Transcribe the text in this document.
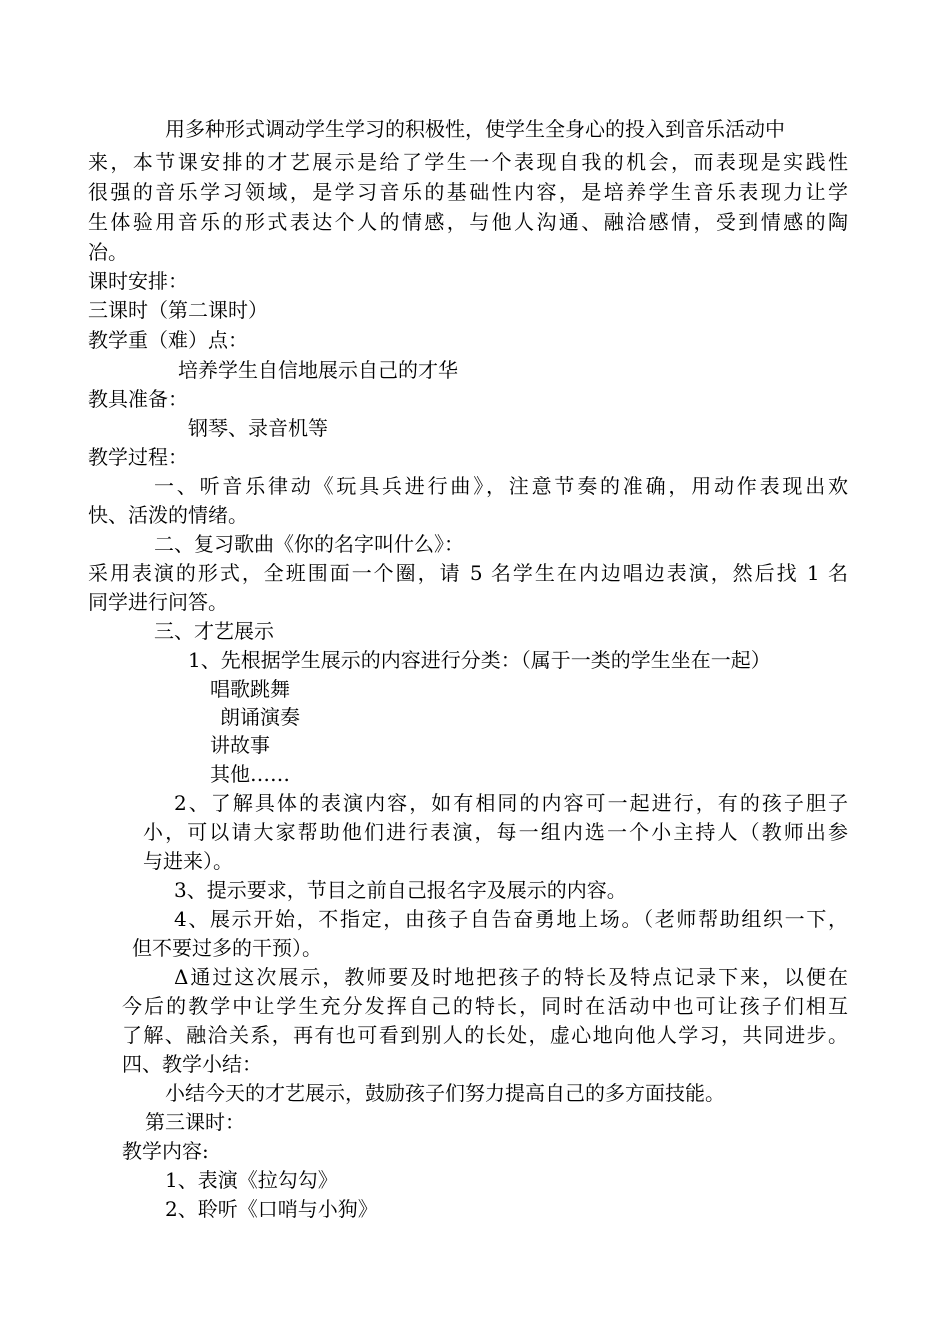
用多种形式调动学生学习的积极性，使学生全身心的投入到音乐活动中
来，本节课安排的才艺展示是给了学生一个表现自我的机会，而表现是实践性
很强的音乐学习领域，是学习音乐的基础性内容，是培养学生音乐表现力让学
生体验用音乐的形式表达个人的情感，与他人沟通、融洽感情，受到情感的陶
冶。
课时安排：
三课时（第二课时）
教学重（难）点：
培养学生自信地展示自己的才华
教具准备：
钢琴、录音机等
教学过程：
一、听音乐律动《玩具兵进行曲》，注意节奏的准确，用动作表现出欢
快、活泼的情绪。
二、复习歌曲《你的名字叫什么》：
采用表演的形式，全班围面一个圈，请 5 名学生在内边唱边表演，然后找 1 名
同学进行问答。
三、才艺展示
1、先根据学生展示的内容进行分类：（属于一类的学生坐在一起）
唱歌跳舞
朗诵演奏
讲故事
其他……
2、了解具体的表演内容，如有相同的内容可一起进行，有的孩子胆子
小，可以请大家帮助他们进行表演，每一组内选一个小主持人（教师出参
与进来）。
3、提示要求，节目之前自己报名字及展示的内容。
4、展示开始，不指定，由孩子自告奋勇地上场。（老师帮助组织一下，
但不要过多的干预）。
Δ通过这次展示，教师要及时地把孩子的特长及特点记录下来，以便在
今后的教学中让学生充分发挥自己的特长，同时在活动中也可让孩子们相互
了解、融洽关系，再有也可看到别人的长处，虚心地向他人学习，共同进步。
四、教学小结：
小结今天的才艺展示，鼓励孩子们努力提高自己的多方面技能。
第三课时：
教学内容:
1、表演《拉勾勾》
2、聆听《口哨与小狗》
